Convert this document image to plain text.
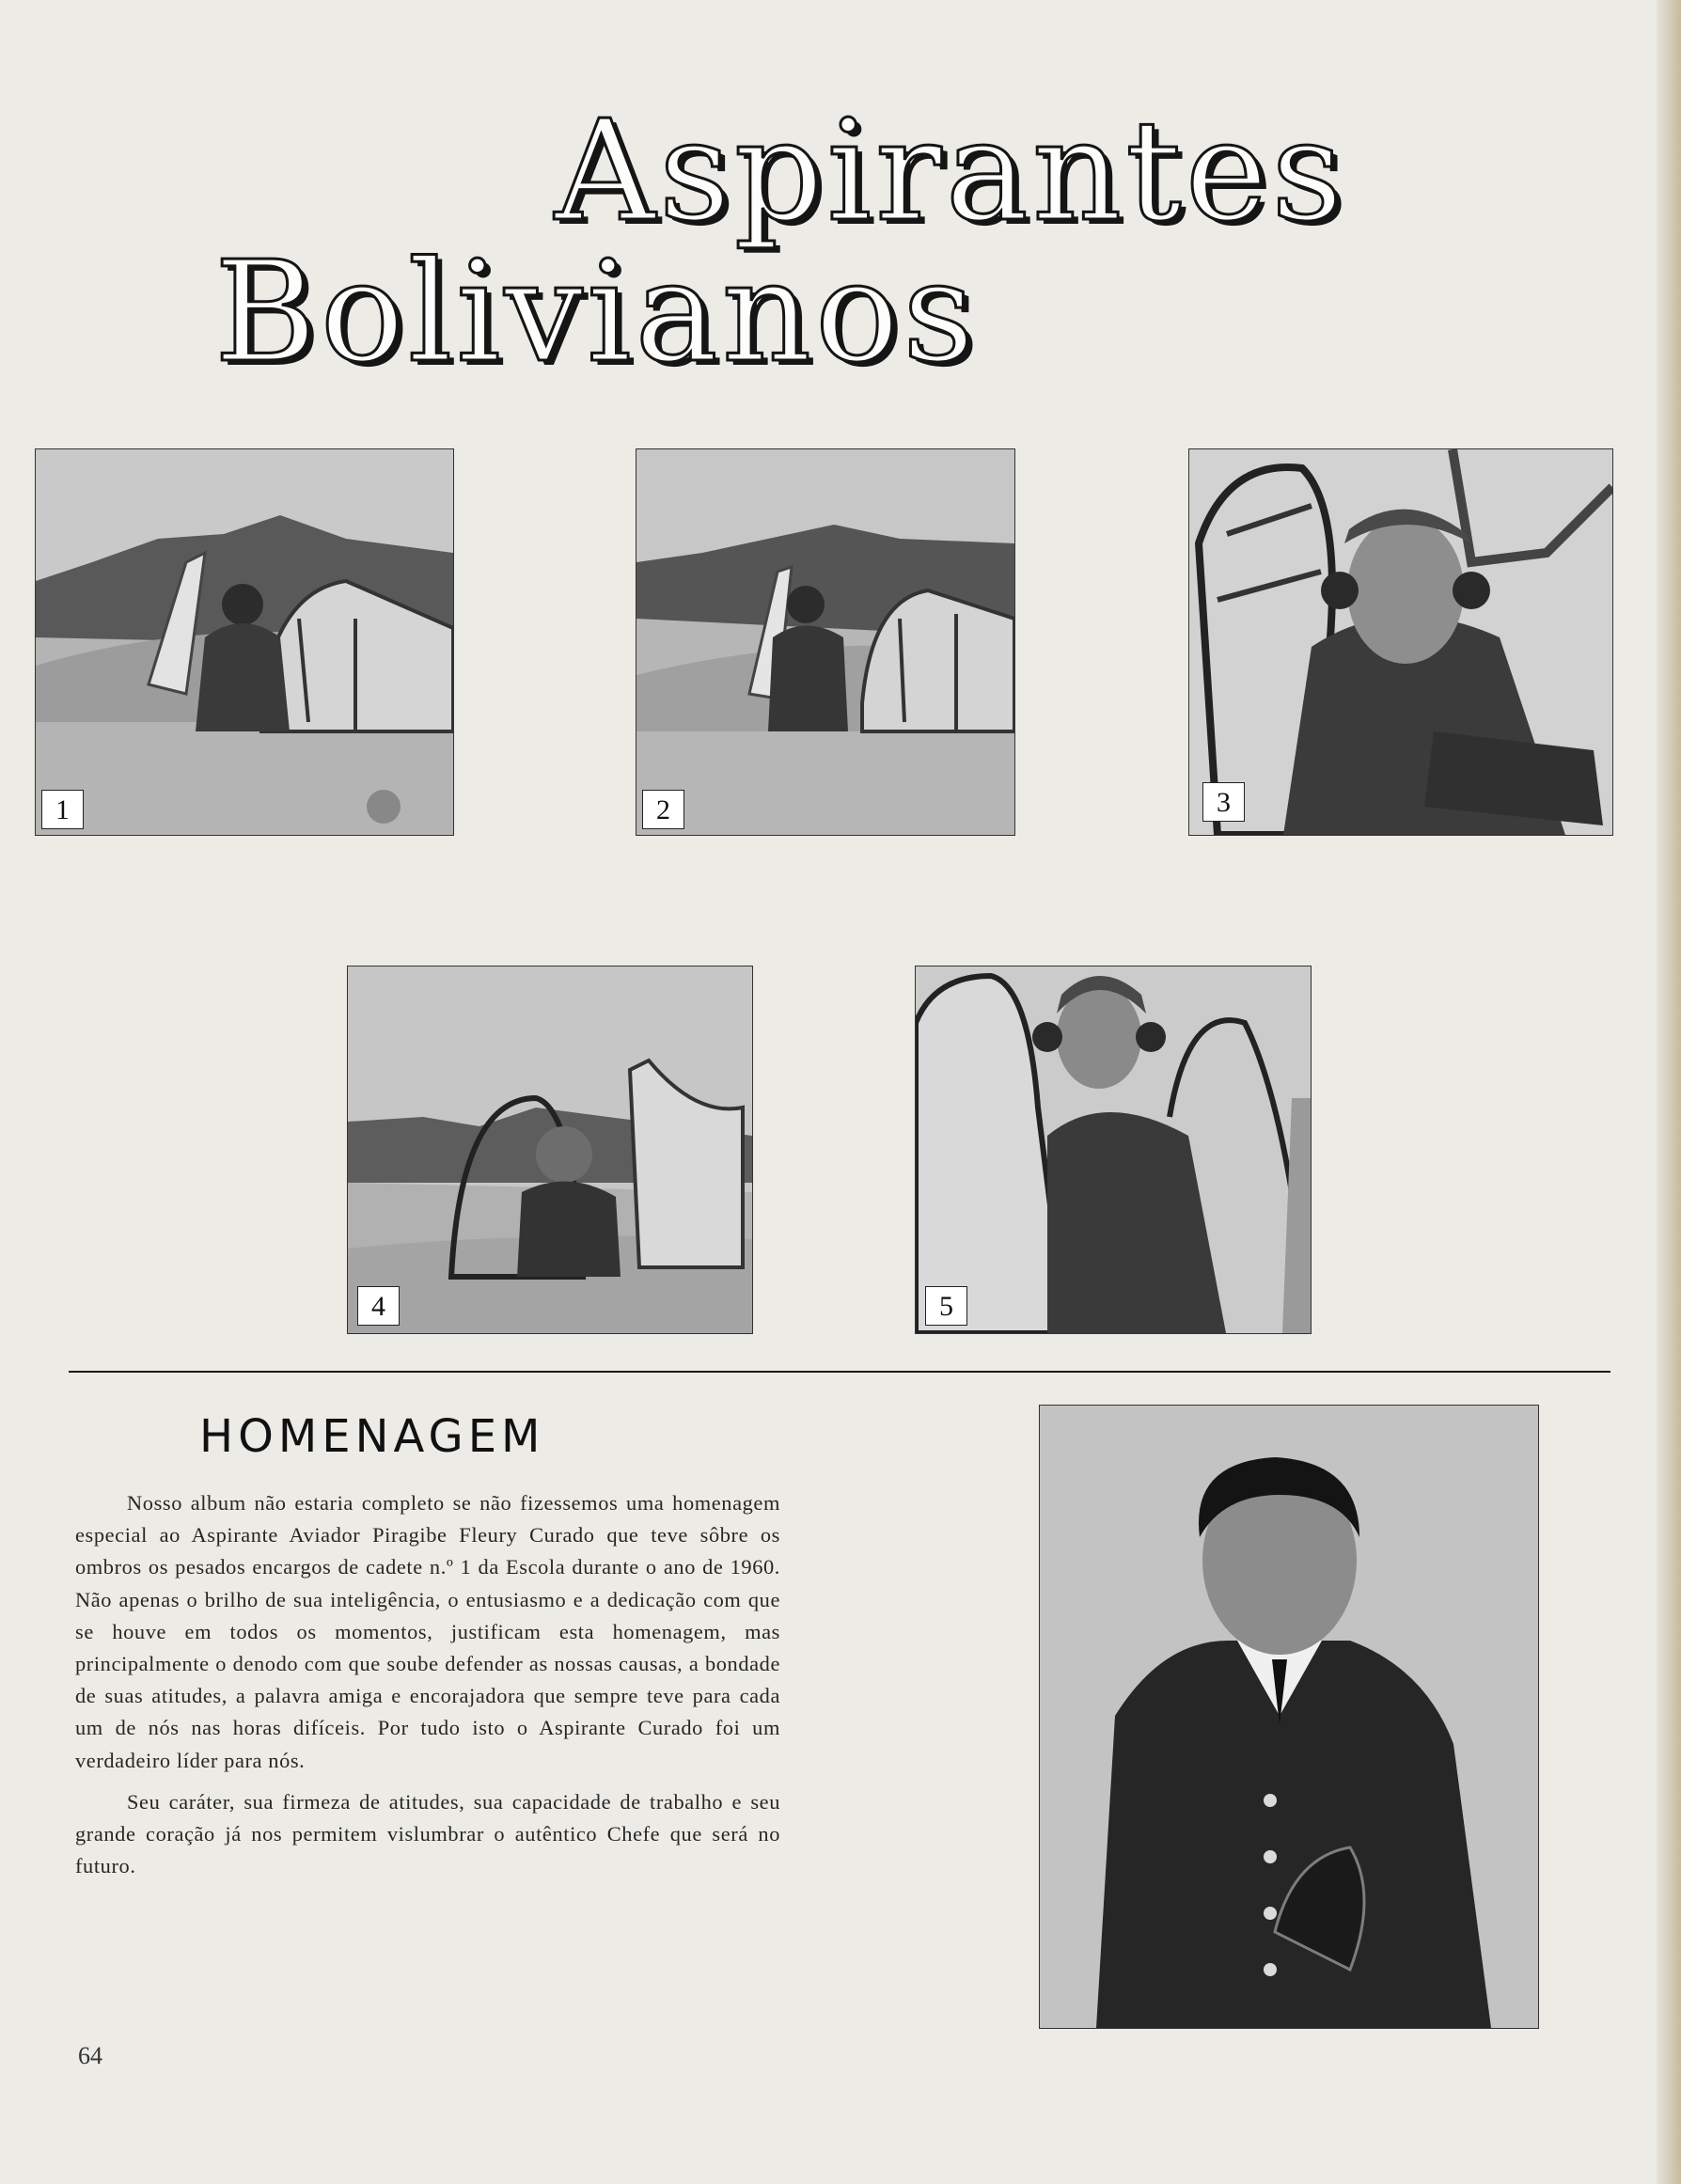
Aspirantes
Bolivianos
1	2	3
4	5
HOMENAGEM

Nosso album não estaria completo se não fizessemos uma homenagem especial ao Aspirante Aviador Piragibe Fleury Curado que teve sôbre os ombros os pesados encargos de cadete n.º 1 da Escola durante o ano de 1960. Não apenas o brilho de sua inteligência, o entusiasmo e a dedicação com que se houve em todos os momentos, justificam esta homenagem, mas principalmente o denodo com que soube defender as nossas causas, a bondade de suas atitudes, a palavra amiga e encorajadora que sempre teve para cada um de nós nas horas difíceis. Por tudo isto o Aspirante Curado foi um verdadeiro líder para nós.

Seu caráter, sua firmeza de atitudes, sua capacidade de trabalho e seu grande coração já nos permitem vislumbrar o autêntico Chefe que será no futuro.

64
